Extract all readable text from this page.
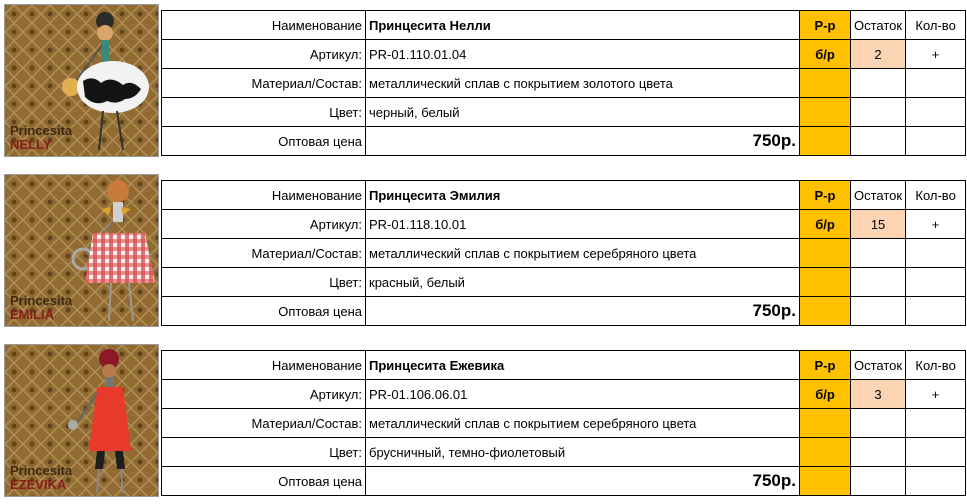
Princesita
NELLY
Наименование	Принцесита Нелли	Р-р	Остаток	Кол-во
Артикул:	PR-01.110.01.04	б/р	2	+
Материал/Состав:	металлический сплав с покрытием золотого цвета			
Цвет:	черный, белый			
Оптовая цена	750р.			
Princesita
EMILIA
Наименование	Принцесита Эмилия	Р-р	Остаток	Кол-во
Артикул:	PR-01.118.10.01	б/р	15	+
Материал/Состав:	металлический сплав с покрытием серебряного цвета			
Цвет:	красный, белый			
Оптовая цена	750р.			
Princesita
EZEVIKA
Наименование	Принцесита Ежевика	Р-р	Остаток	Кол-во
Артикул:	PR-01.106.06.01	б/р	3	+
Материал/Состав:	металлический сплав с покрытием серебряного цвета			
Цвет:	брусничный, темно-фиолетовый			
Оптовая цена	750р.			
